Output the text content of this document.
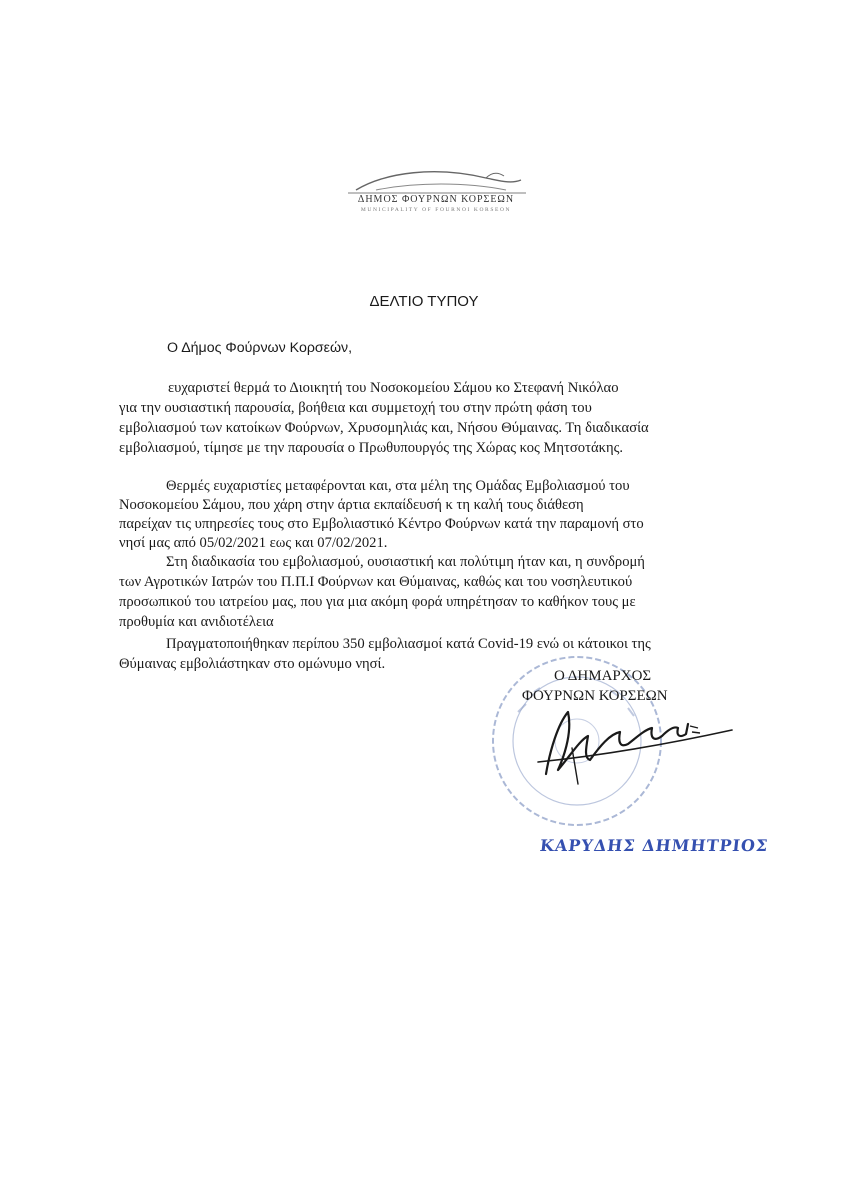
ΔΗΜΟΣ ΦΟΥΡΝΩΝ ΚΟΡΣΕΩΝ
MUNICIPALITY OF FOURNOI KORSEON
ΔΕΛΤΙΟ ΤΥΠΟΥ
Ο Δήμος Φούρνων Κορσεών,
ευχαριστεί θερμά το Διοικητή του Νοσοκομείου Σάμου κο Στεφανή Νικόλαο
για την ουσιαστική παρουσία, βοήθεια και συμμετοχή του στην πρώτη φάση του
εμβολιασμού των κατοίκων Φούρνων, Χρυσομηλιάς και, Νήσου Θύμαινας. Τη διαδικασία
εμβολιασμού, τίμησε με την παρουσία ο Πρωθυπουργός της Χώρας κος Μητσοτάκης.
Θερμές ευχαριστίες μεταφέρονται και, στα μέλη της Ομάδας Εμβολιασμού του
Νοσοκομείου Σάμου, που χάρη στην άρτια εκπαίδευσή κ τη καλή τους διάθεση
παρείχαν τις υπηρεσίες τους στο Εμβολιαστικό Κέντρο Φούρνων κατά την παραμονή στο
νησί μας από 05/02/2021 εως και 07/02/2021.
Στη διαδικασία του εμβολιασμού, ουσιαστική και πολύτιμη ήταν και, η συνδρομή
των Αγροτικών Ιατρών του Π.Π.Ι Φούρνων και Θύμαινας, καθώς και του νοσηλευτικού
προσωπικού του ιατρείου μας, που για μια ακόμη φορά υπηρέτησαν το καθήκον τους με
προθυμία και ανιδιοτέλεια
Πραγματοποιήθηκαν περίπου 350 εμβολιασμοί κατά Covid-19 ενώ οι κάτοικοι της
Θύμαινας εμβολιάστηκαν στο ομώνυμο νησί.
Ο ΔΗΜΑΡΧΟΣ
ΦΟΥΡΝΩΝ ΚΟΡΣΕΩΝ
ΚΑΡΥΔΗΣ ΔΗΜΗΤΡΙΟΣ
